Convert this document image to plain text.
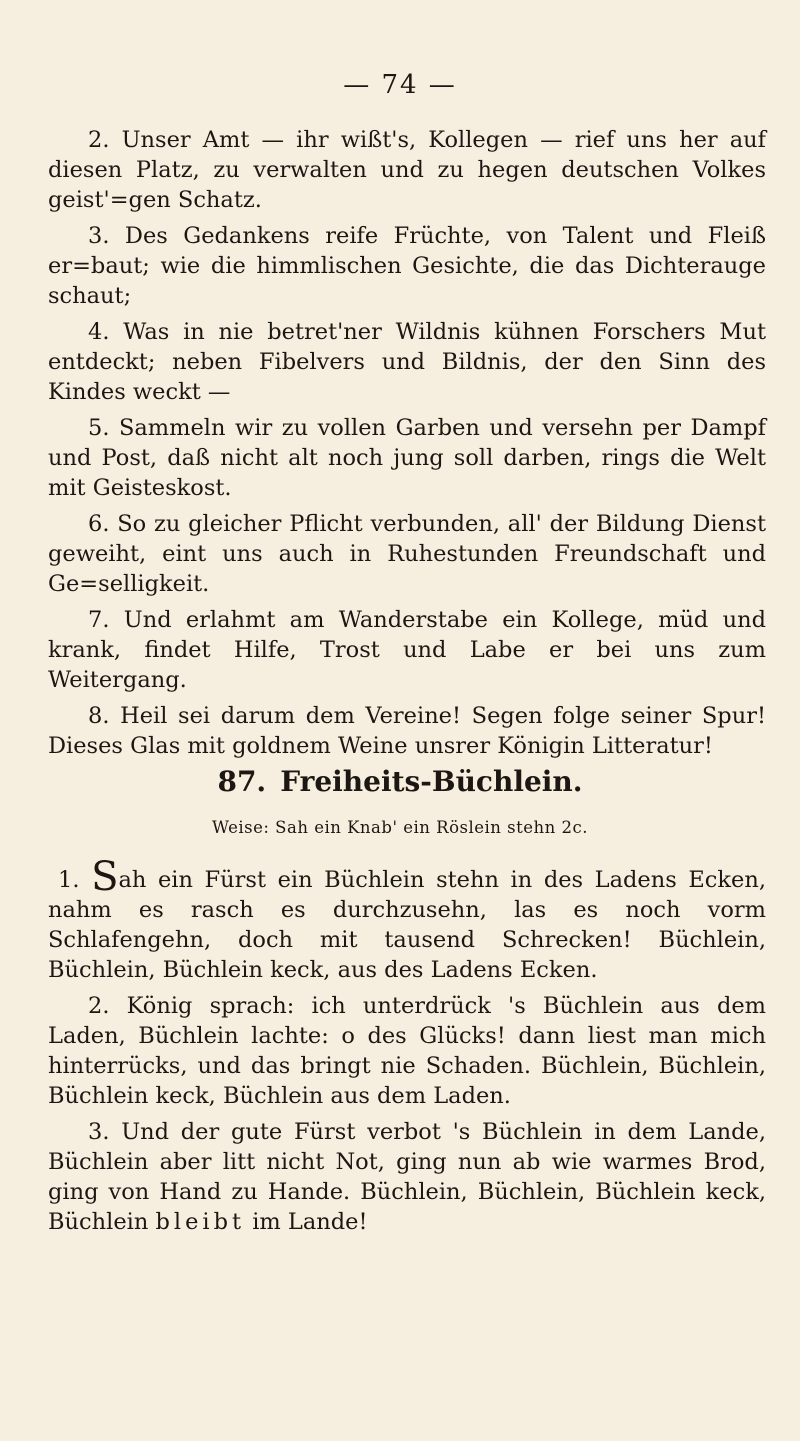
— 74 —

2. Unser Amt — ihr wißt's, Kollegen — rief uns her auf diesen Platz, zu verwalten und zu hegen deutschen Volkes geist'=gen Schatz.

3. Des Gedankens reife Früchte, von Talent und Fleiß er=baut; wie die himmlischen Gesichte, die das Dichterauge schaut;

4. Was in nie betret'ner Wildnis kühnen Forschers Mut entdeckt; neben Fibelvers und Bildnis, der den Sinn des Kindes weckt —

5. Sammeln wir zu vollen Garben und versehn per Dampf und Post, daß nicht alt noch jung soll darben, rings die Welt mit Geisteskost.

6. So zu gleicher Pflicht verbunden, all' der Bildung Dienst geweiht, eint uns auch in Ruhestunden Freundschaft und Ge=selligkeit.

7. Und erlahmt am Wanderstabe ein Kollege, müd und krank, findet Hilfe, Trost und Labe er bei uns zum Weitergang.

8. Heil sei darum dem Vereine! Segen folge seiner Spur! Dieses Glas mit goldnem Weine unsrer Königin Litteratur!

87. Freiheits-Büchlein.
Weise: Sah ein Knab' ein Röslein stehn 2c.

1. Sah ein Fürst ein Büchlein stehn in des Ladens Ecken, nahm es rasch es durchzusehn, las es noch vorm Schlafengehn, doch mit tausend Schrecken! Büchlein, Büchlein, Büchlein keck, aus des Ladens Ecken.

2. König sprach: ich unterdrück 's Büchlein aus dem Laden, Büchlein lachte: o des Glücks! dann liest man mich hinterrücks, und das bringt nie Schaden. Büchlein, Büchlein, Büchlein keck, Büchlein aus dem Laden.

3. Und der gute Fürst verbot 's Büchlein in dem Lande, Büchlein aber litt nicht Not, ging nun ab wie warmes Brod, ging von Hand zu Hande. Büchlein, Büchlein, Büchlein keck, Büchlein bleibt im Lande!
